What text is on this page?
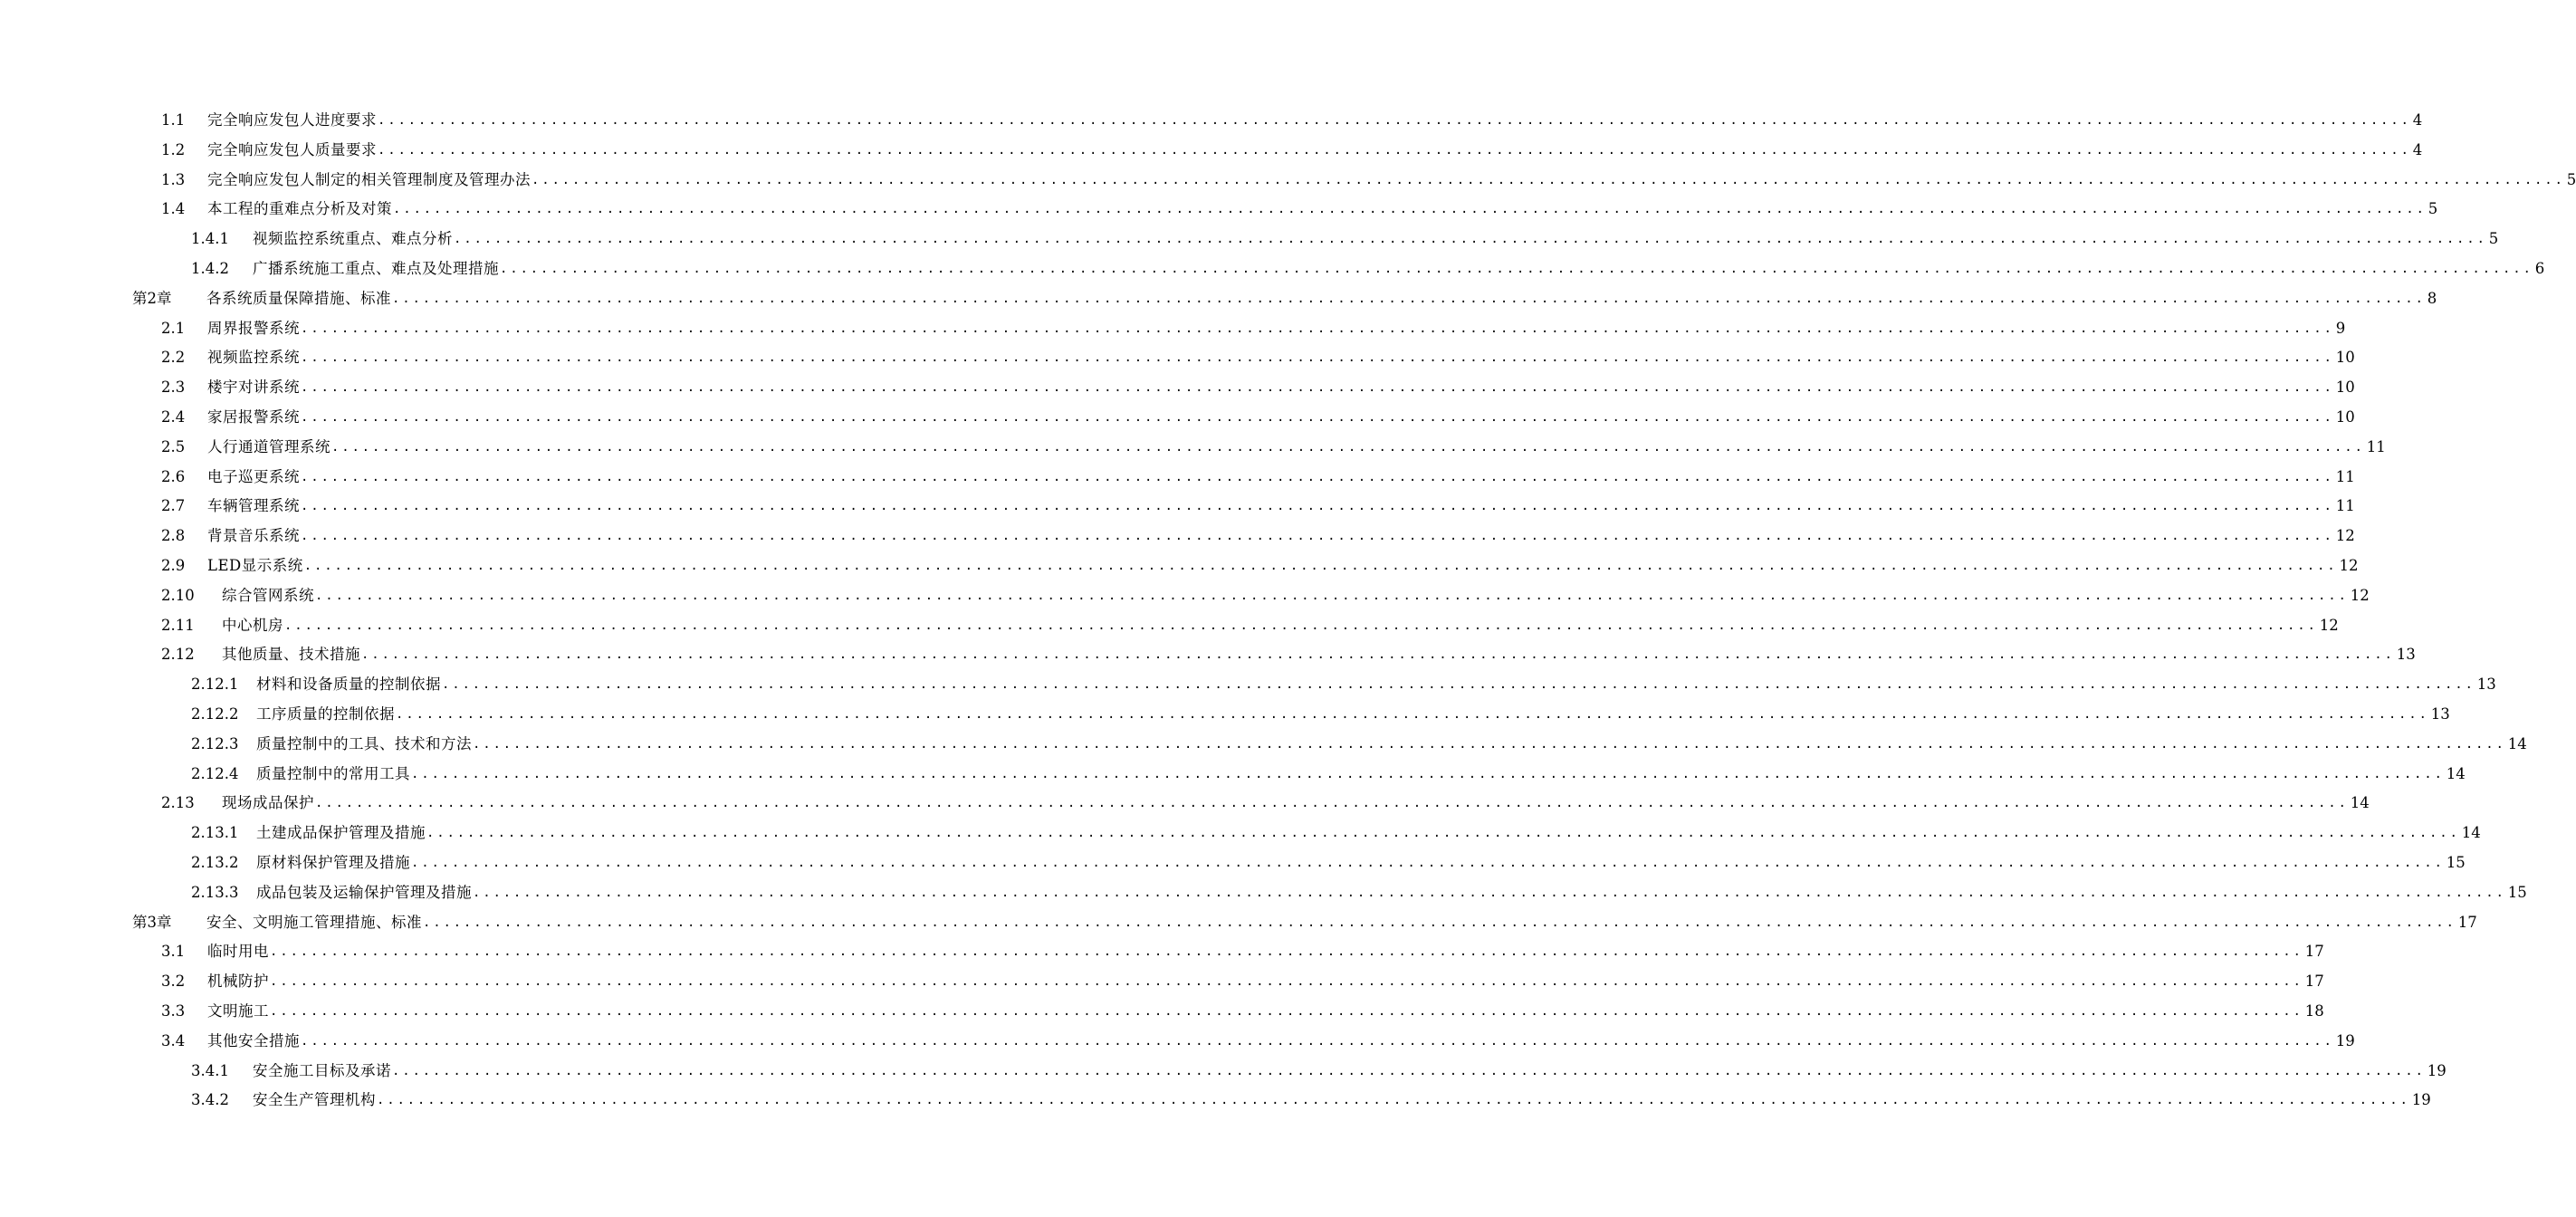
1.1	完全响应发包人进度要求 ........................................................................................................................................................................................................ 4
1.2	完全响应发包人质量要求 ........................................................................................................................................................................................................ 4
1.3	完全响应发包人制定的相关管理制度及管理办法 ........................................................................................................................................................................................................ 5
1.4	本工程的重难点分析及对策 ........................................................................................................................................................................................................ 5
1.4.1	视频监控系统重点、难点分析 ........................................................................................................................................................................................................ 5
1.4.2	广播系统施工重点、难点及处理措施 ........................................................................................................................................................................................................ 6
第2章	各系统质量保障措施、标准 ........................................................................................................................................................................................................ 8
2.1	周界报警系统 ........................................................................................................................................................................................................ 9
2.2	视频监控系统 ........................................................................................................................................................................................................ 10
2.3	楼宇对讲系统 ........................................................................................................................................................................................................ 10
2.4	家居报警系统 ........................................................................................................................................................................................................ 10
2.5	人行通道管理系统 ........................................................................................................................................................................................................ 11
2.6	电子巡更系统 ........................................................................................................................................................................................................ 11
2.7	车辆管理系统 ........................................................................................................................................................................................................ 11
2.8	背景音乐系统 ........................................................................................................................................................................................................ 12
2.9	LED显示系统 ........................................................................................................................................................................................................ 12
2.10	综合管网系统 ........................................................................................................................................................................................................ 12
2.11	中心机房 ........................................................................................................................................................................................................ 12
2.12	其他质量、技术措施 ........................................................................................................................................................................................................ 13
2.12.1	材料和设备质量的控制依据 ........................................................................................................................................................................................................ 13
2.12.2	工序质量的控制依据 ........................................................................................................................................................................................................ 13
2.12.3	质量控制中的工具、技术和方法 ........................................................................................................................................................................................................ 14
2.12.4	质量控制中的常用工具 ........................................................................................................................................................................................................ 14
2.13	现场成品保护 ........................................................................................................................................................................................................ 14
2.13.1	土建成品保护管理及措施 ........................................................................................................................................................................................................ 14
2.13.2	原材料保护管理及措施 ........................................................................................................................................................................................................ 15
2.13.3	成品包装及运输保护管理及措施 ........................................................................................................................................................................................................ 15
第3章	安全、文明施工管理措施、标准 ........................................................................................................................................................................................................ 17
3.1	临时用电 ........................................................................................................................................................................................................ 17
3.2	机械防护 ........................................................................................................................................................................................................ 17
3.3	文明施工 ........................................................................................................................................................................................................ 18
3.4	其他安全措施 ........................................................................................................................................................................................................ 19
3.4.1	安全施工目标及承诺 ........................................................................................................................................................................................................ 19
3.4.2	安全生产管理机构 ........................................................................................................................................................................................................ 19
